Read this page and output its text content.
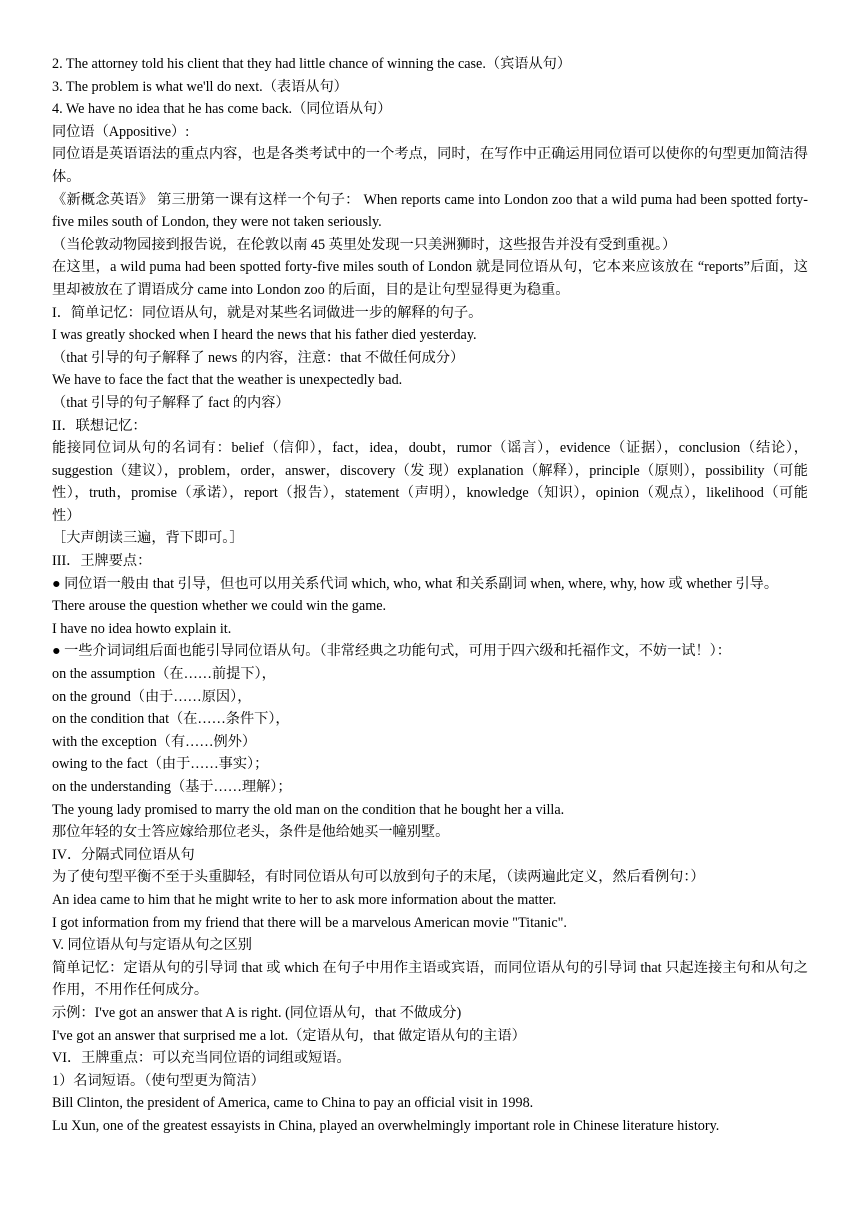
2. The attorney told his client that they had little chance of winning the case.（宾语从句）

3. The problem is what we'll do next.（表语从句）

4. We have no idea that he has come back.（同位语从句）

同位语（Appositive）:

同位语是英语语法的重点内容，也是各类考试中的一个考点，同时，在写作中正确运用同位语可以使你的句型更加简洁得体。

《新概念英语》 第三册第一课有这样一个句子： When reports came into London zoo that a wild puma had been spotted forty-five miles south of London, they were not taken seriously.

（当伦敦动物园接到报告说，在伦敦以南 45 英里处发现一只美洲狮时，这些报告并没有受到重视。）

在这里，a wild puma had been spotted forty-five miles south of London 就是同位语从句，它本来应该放在 “reports”后面，这里却被放在了谓语成分 came into London zoo 的后面，目的是让句型显得更为稳重。

I．简单记忆：同位语从句，就是对某些名词做进一步的解释的句子。

I was greatly shocked when I heard the news that his father died yesterday.

（that 引导的句子解释了 news 的内容，注意：that 不做任何成分）

We have to face the fact that the weather is unexpectedly bad.

（that 引导的句子解释了 fact 的内容）

II．联想记忆：

能接同位词从句的名词有：belief（信仰），fact，idea，doubt，rumor（谣言），evidence（证据），conclusion（结论），suggestion（建议），problem，order，answer，discovery（发 现）explanation（解释），principle（原则），possibility（可能性），truth，promise（承诺），report（报告），statement（声明），knowledge（知识），opinion（观点），likelihood（可能性）

［大声朗读三遍，背下即可。］

III．王牌要点：

● 同位语一般由 that 引导，但也可以用关系代词 which, who, what 和关系副词 when, where, why, how 或 whether 引导。

There arouse the question whether we could win the game.

I have no idea howto explain it.

● 一些介词词组后面也能引导同位语从句。（非常经典之功能句式，可用于四六级和托福作文，不妨一试！）：

on the assumption（在……前提下），

on the ground（由于……原因），

on the condition that（在……条件下），

with the exception（有……例外）

owing to the fact（由于……事实）；

on the understanding（基于……理解）；

The young lady promised to marry the old man on the condition that he bought her a villa.

那位年轻的女士答应嫁给那位老头，条件是他给她买一幢别墅。

IV．分隔式同位语从句

为了使句型平衡不至于头重脚轻，有时同位语从句可以放到句子的末尾，（读两遍此定义，然后看例句：）

An idea came to him that he might write to her to ask more information about the matter.

I got information from my friend that there will be a marvelous American movie "Titanic".

V. 同位语从句与定语从句之区别

简单记忆：定语从句的引导词 that 或 which 在句子中用作主语或宾语，而同位语从句的引导词 that 只起连接主句和从句之作用，不用作任何成分。

示例：I've got an answer that A is right. (同位语从句，that 不做成分)

I've got an answer that surprised me a lot.（定语从句，that 做定语从句的主语）

VI．王牌重点：可以充当同位语的词组或短语。

1）名词短语。（使句型更为简洁）

Bill Clinton, the president of America, came to China to pay an official visit in 1998.

Lu Xun, one of the greatest essayists in China, played an overwhelmingly important role in Chinese literature history.
